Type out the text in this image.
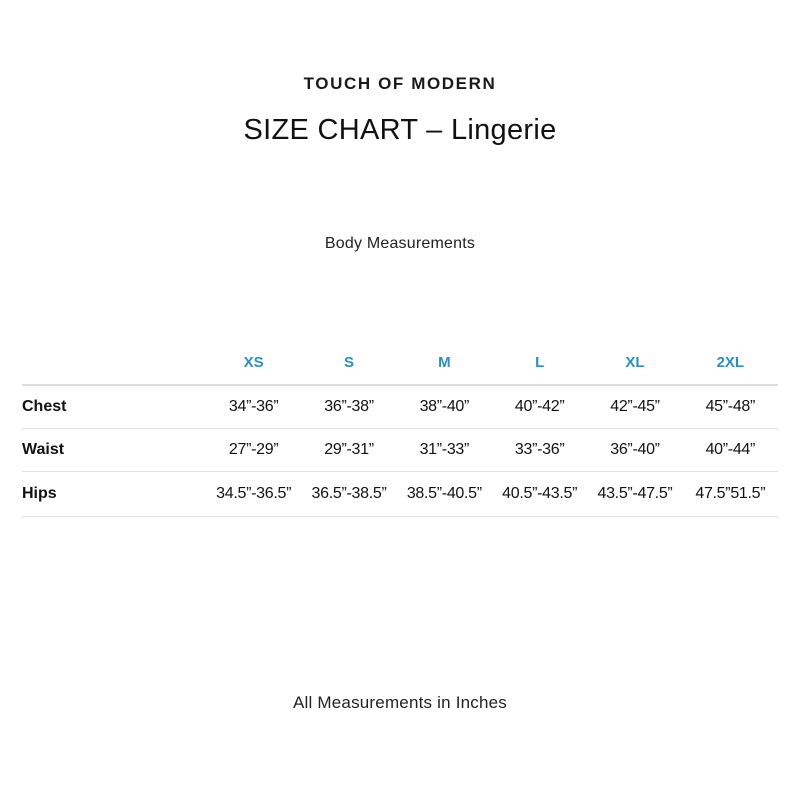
TOUCH OF MODERN
SIZE CHART – Lingerie
Body Measurements
	XS	S	M	L	XL	2XL
Chest	34”-36”	36”-38”	38”-40”	40”-42”	42”-45”	45”-48”
Waist	27”-29”	29”-31”	31”-33”	33”-36”	36”-40”	40”-44”
Hips	34.5”-36.5”	36.5”-38.5”	38.5”-40.5”	40.5”-43.5”	43.5”-47.5”	47.5”51.5”
All Measurements in Inches
